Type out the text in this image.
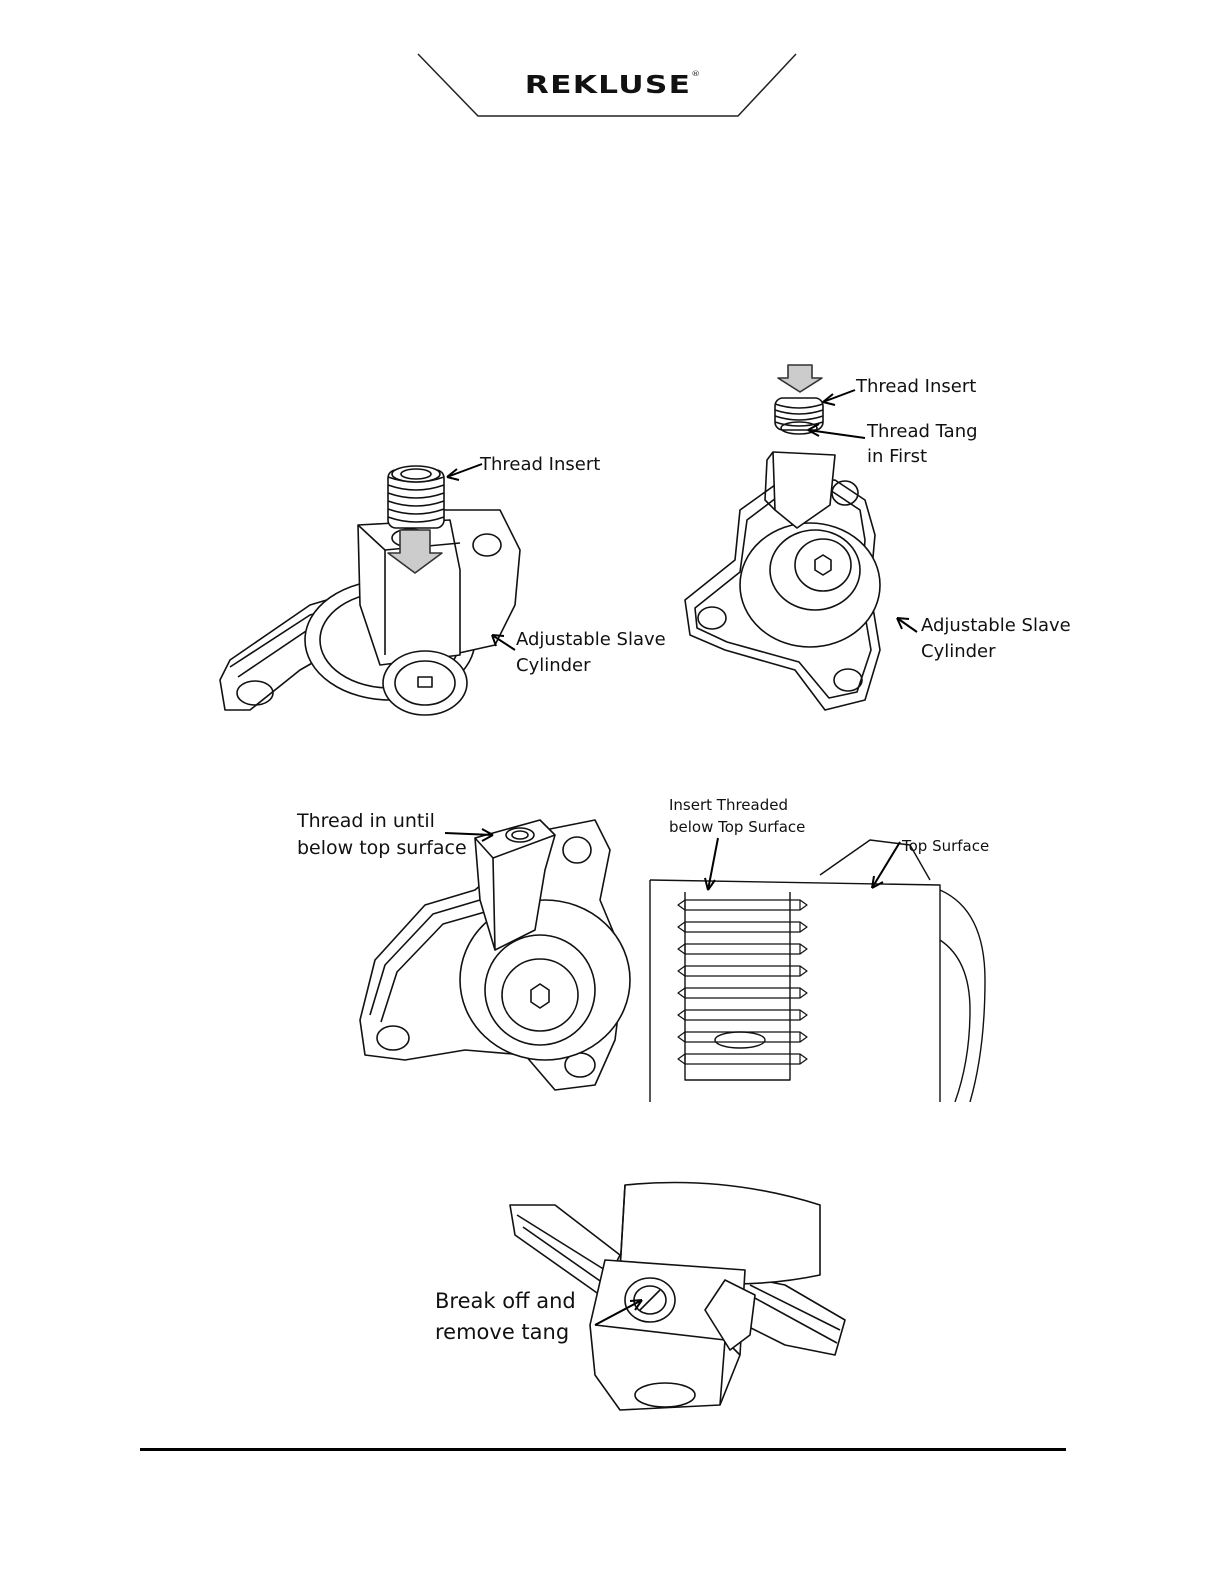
REKLUSE®
Thread Insert
Adjustable Slave
Cylinder
Thread Insert
Thread Tang
in First
Adjustable Slave
Cylinder
Thread in until
below top surface
Insert Threaded
below Top Surface
Top Surface
Break off and
remove tang
